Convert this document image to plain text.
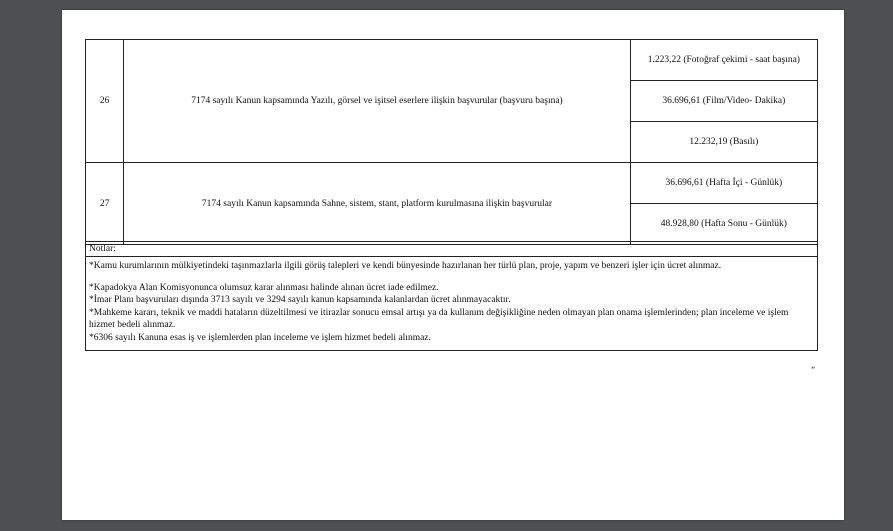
26	7174 sayılı Kanun kapsamında Yazılı, görsel ve işitsel eserlere ilişkin başvurular (başvuru başına)	1.223,22 (Fotoğraf çekimi - saat başına)
		36.696,61 (Film/Video- Dakika)
		12.232,19 (Basılı)
27	7174 sayılı Kanun kapsamında Sahne, sistem, stant, platform kurulmasına ilişkin başvurular	36.696,61 (Hafta İçi - Günlük)
		48.928,80 (Hafta Sonu - Günlük)
Notlar:

*Kamu kurumlarının mülkiyetindeki taşınmazlarla ilgili görüş talepleri ve kendi bünyesinde hazırlanan her türlü plan, proje, yapım ve benzeri işler için ücret alınmaz.

*Kapadokya Alan Komisyonunca olumsuz karar alınması halinde alınan ücret iade edilmez.

*İmar Planı başvuruları dışında 3713 sayılı ve 3294 sayılı kanun kapsamında kalanlardan ücret alınmayacaktır.

*Mahkeme kararı, teknik ve maddi hataların düzeltilmesi ve itirazlar sonucu emsal artışı ya da kullanım değişikliğine neden olmayan plan onama işlemlerinden; plan inceleme ve işlem hizmet bedeli alınmaz.

*6306 sayılı Kanuna esas iş ve işlemlerden plan inceleme ve işlem hizmet bedeli alınmaz.

”
